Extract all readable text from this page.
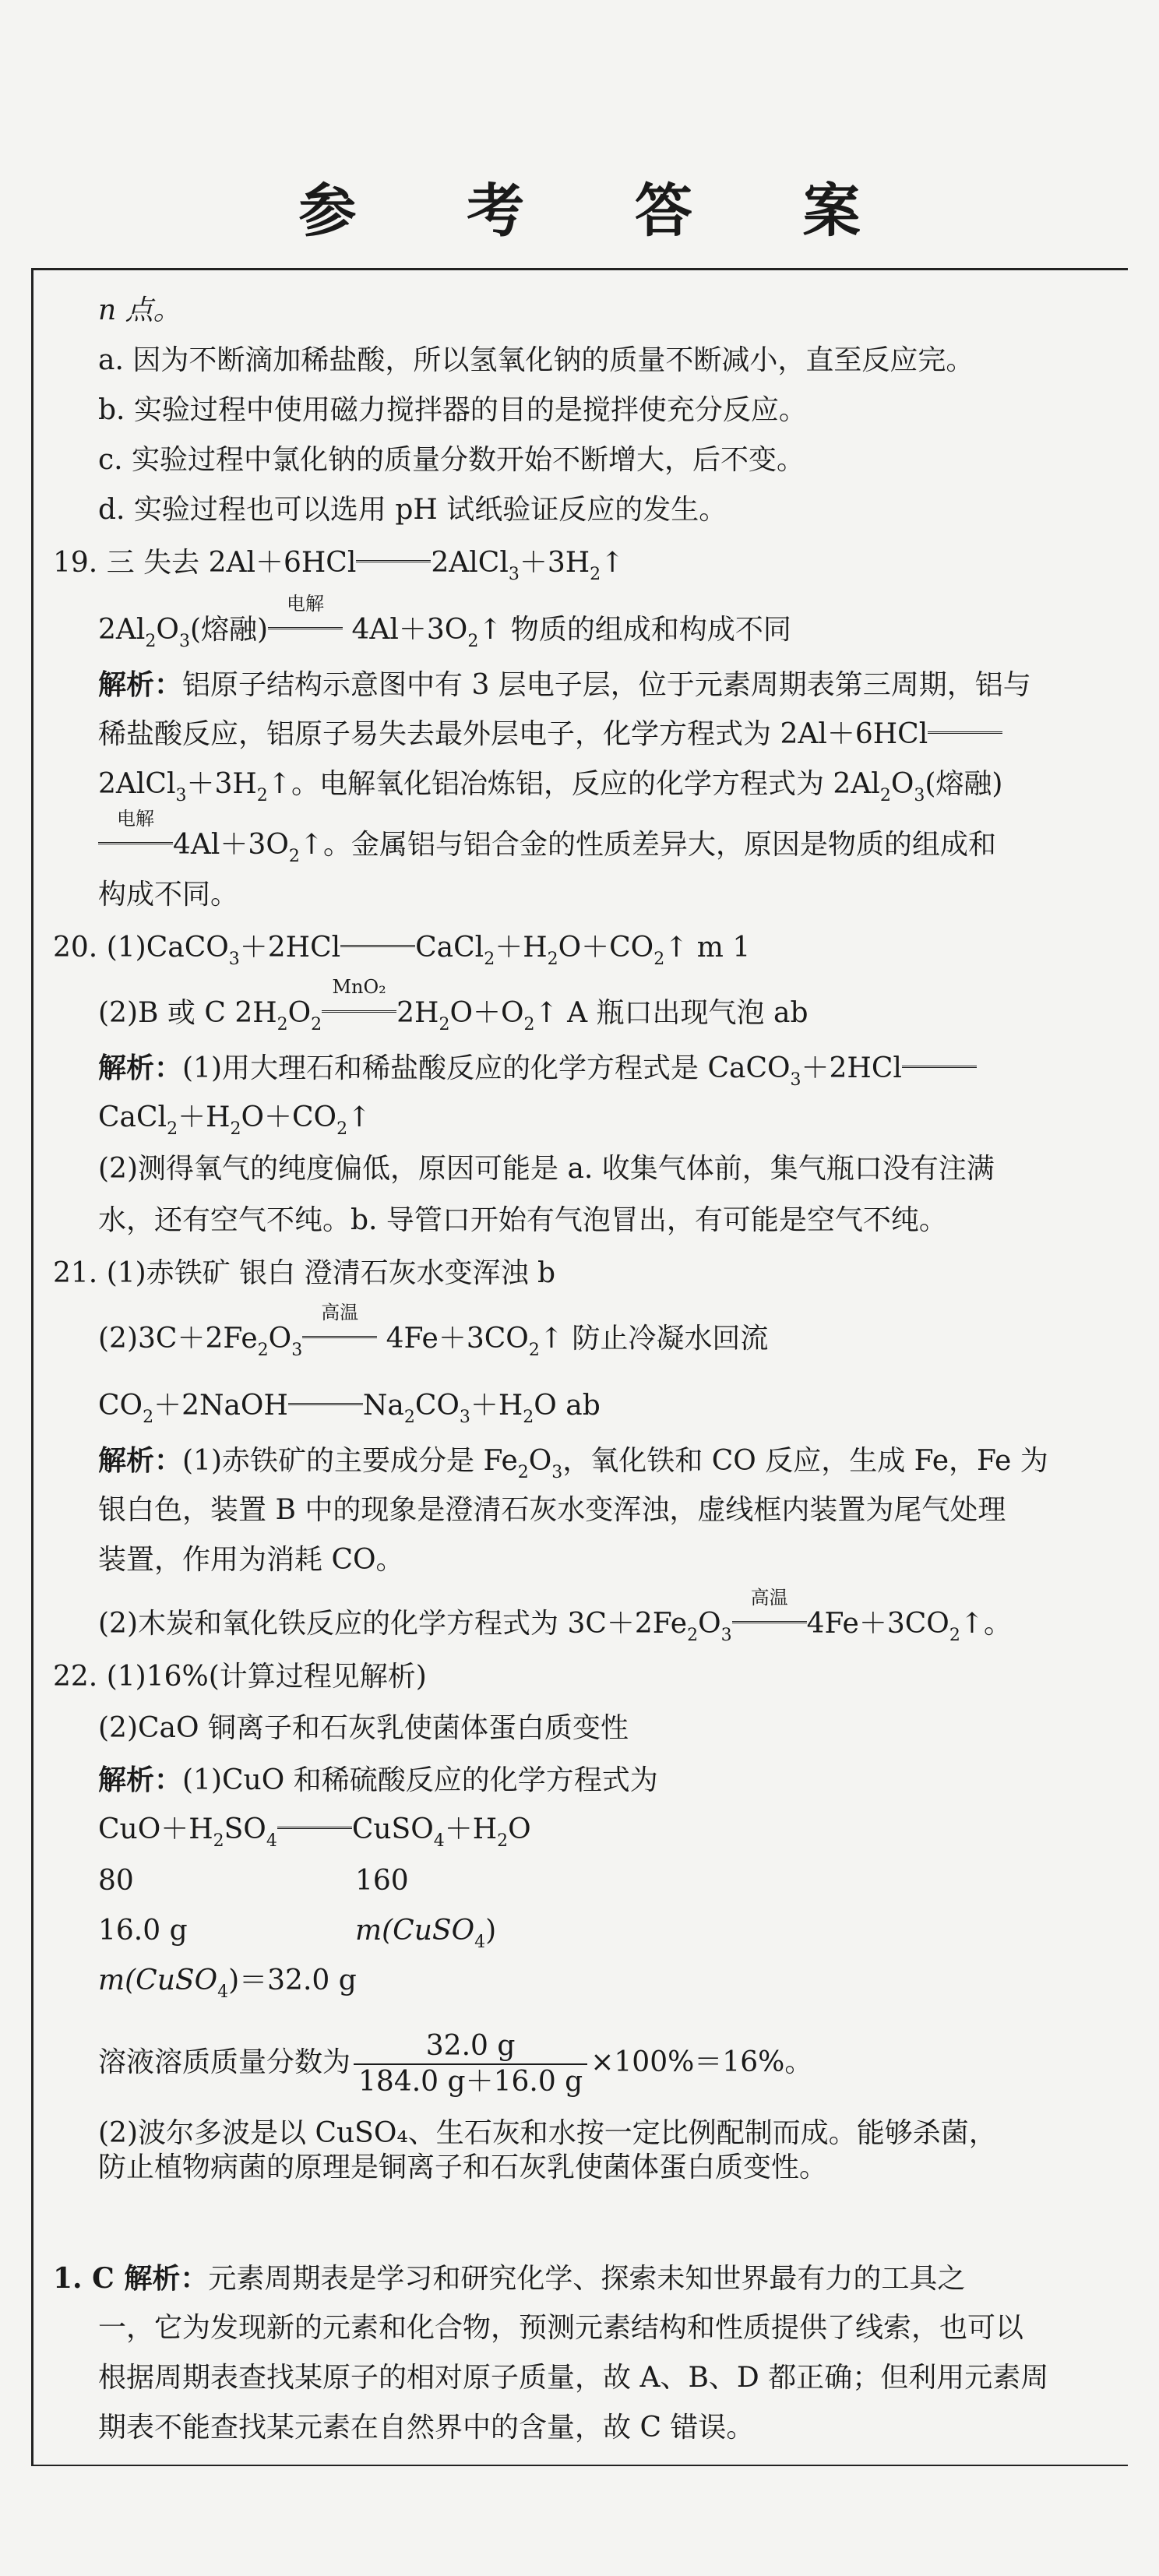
参 考 答 案
n 点。
a. 因为不断滴加稀盐酸，所以氢氧化钠的质量不断减小，直至反应完。
b. 实验过程中使用磁力搅拌器的目的是搅拌使充分反应。
c. 实验过程中氯化钠的质量分数开始不断增大，后不变。
d. 实验过程也可以选用 pH 试纸验证反应的发生。
19. 三 失去 2Al＋6HCl	$2AlCl_3+3H_2↑$
$2Al_2O_3$(熔融)
电解
$4Al+3O_2↑$ 物质的组成和构成不同
解析：铝原子结构示意图中有 3 层电子层，位于元素周期表第三周期，铝与
稀盐酸反应，铝原子易失去最外层电子，化学方程式为 2Al＋6HCl
$2AlCl_3+3H_2↑$。电解氧化铝冶炼铝，反应的化学方程式为 $2Al_2O_3$(熔融)
电解
$4Al+3O_2↑$。金属铝与铝合金的性质差异大，原因是物质的组成和
构成不同。
20. (1)CaCO$_3$＋2HCl	$CaCl_2+H_2O+CO_2↑$ m 1
(2)B 或 C $2H_2O_2$
MnO₂
$2H_2O+O_2↑$ A 瓶口出现气泡 ab
解析：(1)用大理石和稀盐酸反应的化学方程式是 CaCO$_3$＋2HCl
$CaCl_2+H_2O+CO_2↑$
(2)测得氧气的纯度偏低，原因可能是 a. 收集气体前，集气瓶口没有注满
水，还有空气不纯。b. 导管口开始有气泡冒出，有可能是空气不纯。
21. (1)赤铁矿 银白 澄清石灰水变浑浊 b
$(2)3C+2Fe_2O_3$
高温
$4Fe+3CO_2↑$ 防止冷凝水回流
$CO_2+2NaOH$	$Na_2CO_3+H_2O$ ab
解析：(1)赤铁矿的主要成分是 $Fe_2O_3$，氧化铁和 CO 反应，生成 Fe，Fe 为
银白色，装置 B 中的现象是澄清石灰水变浑浊，虚线框内装置为尾气处理
装置，作用为消耗 CO。
(2)木炭和氧化铁反应的化学方程式为 $3C+2Fe_2O_3$
高温
$4Fe+3CO_2↑$。
22. (1)16%(计算过程见解析)
(2)CaO 铜离子和石灰乳使菌体蛋白质变性
解析：(1)CuO 和稀硫酸反应的化学方程式为
$CuO+H_2SO_4$	$CuSO_4+H_2O$
80	160
16.0 g	m(CuSO$_4$)
m(CuSO$_4$)＝32.0 g
溶液溶质质量分数为 $\frac{32.0 g}{184.0 g+16.0 g} \times 100\%=16\%$。
(2)波尔多波是以 CuSO₄、生石灰和水按一定比例配制而成。能够杀菌，
防止植物病菌的原理是铜离子和石灰乳使菌体蛋白质变性。
1. C 解析：元素周期表是学习和研究化学、探索未知世界最有力的工具之
一，它为发现新的元素和化合物，预测元素结构和性质提供了线索，也可以
根据周期表查找某原子的相对原子质量，故 A、B、D 都正确；但利用元素周
期表不能查找某元素在自然界中的含量，故 C 错误。
